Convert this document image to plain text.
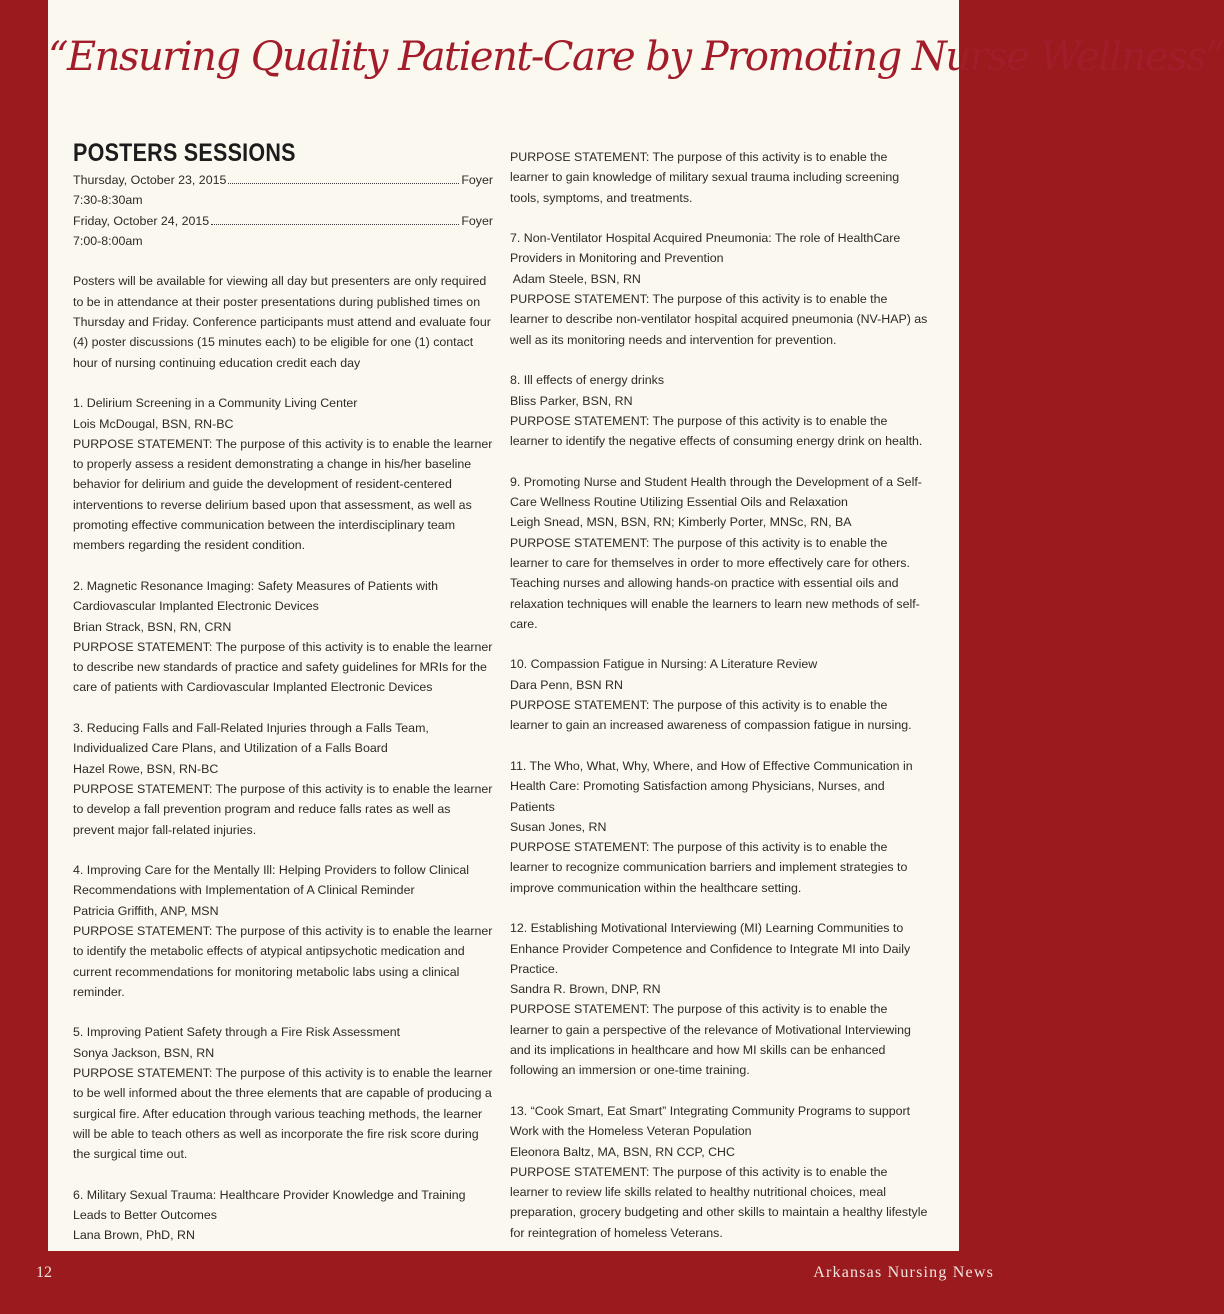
“Ensuring Quality Patient-Care by Promoting Nurse Wellness”
POSTERS SESSIONS
Thursday, October 23, 2015	Foyer
7:30-8:30am
Friday, October 24, 2015	Foyer
7:00-8:00am

Posters will be available for viewing all day but presenters are only required to be in attendance at their poster presentations during published times on Thursday and Friday. Conference participants must attend and evaluate four (4) poster discussions (15 minutes each) to be eligible for one (1) contact hour of nursing continuing education credit each day

1. Delirium Screening in a Community Living Center

Lois McDougal, BSN, RN-BC

PURPOSE STATEMENT: The purpose of this activity is to enable the learner to properly assess a resident demonstrating a change in his/her baseline behavior for delirium and guide the development of resident-centered interventions to reverse delirium based upon that assessment, as well as promoting effective communication between the interdisciplinary team members regarding the resident condition.

2. Magnetic Resonance Imaging: Safety Measures of Patients with Cardiovascular Implanted Electronic Devices

Brian Strack, BSN, RN, CRN

PURPOSE STATEMENT: The purpose of this activity is to enable the learner to describe new standards of practice and safety guidelines for MRIs for the care of patients with Cardiovascular Implanted Electronic Devices

3. Reducing Falls and Fall-Related Injuries through a Falls Team, Individualized Care Plans, and Utilization of a Falls Board

Hazel Rowe, BSN, RN-BC

PURPOSE STATEMENT: The purpose of this activity is to enable the learner to develop a fall prevention program and reduce falls rates as well as prevent major fall-related injuries.

4. Improving Care for the Mentally Ill: Helping Providers to follow Clinical Recommendations with Implementation of A Clinical Reminder

Patricia Griffith, ANP, MSN

PURPOSE STATEMENT: The purpose of this activity is to enable the learner to identify the metabolic effects of atypical antipsychotic medication and current recommendations for monitoring metabolic labs using a clinical reminder.

5. Improving Patient Safety through a Fire Risk Assessment

Sonya Jackson, BSN, RN

PURPOSE STATEMENT: The purpose of this activity is to enable the learner to be well informed about the three elements that are capable of producing a surgical fire. After education through various teaching methods, the learner will be able to teach others as well as incorporate the fire risk score during the surgical time out.

6. Military Sexual Trauma: Healthcare Provider Knowledge and Training Leads to Better Outcomes

Lana Brown, PhD, RN

PURPOSE STATEMENT: The purpose of this activity is to enable the learner to gain knowledge of military sexual trauma including screening tools, symptoms, and treatments.

7. Non-Ventilator Hospital Acquired Pneumonia: The role of HealthCare Providers in Monitoring and Prevention

Adam Steele, BSN, RN

PURPOSE STATEMENT: The purpose of this activity is to enable the learner to describe non-ventilator hospital acquired pneumonia (NV-HAP) as well as its monitoring needs and intervention for prevention.

8. Ill effects of energy drinks

Bliss Parker, BSN, RN

PURPOSE STATEMENT: The purpose of this activity is to enable the learner to identify the negative effects of consuming energy drink on health.

9. Promoting Nurse and Student Health through the Development of a Self-Care Wellness Routine Utilizing Essential Oils and Relaxation

Leigh Snead, MSN, BSN, RN; Kimberly Porter, MNSc, RN, BA

PURPOSE STATEMENT: The purpose of this activity is to enable the learner to care for themselves in order to more effectively care for others. Teaching nurses and allowing hands-on practice with essential oils and relaxation techniques will enable the learners to learn new methods of self-care.

10. Compassion Fatigue in Nursing: A Literature Review

Dara Penn, BSN RN

PURPOSE STATEMENT: The purpose of this activity is to enable the learner to gain an increased awareness of compassion fatigue in nursing.

11. The Who, What, Why, Where, and How of Effective Communication in Health Care: Promoting Satisfaction among Physicians, Nurses, and Patients

Susan Jones, RN

PURPOSE STATEMENT: The purpose of this activity is to enable the learner to recognize communication barriers and implement strategies to improve communication within the healthcare setting.

12. Establishing Motivational Interviewing (MI) Learning Communities to Enhance Provider Competence and Confidence to Integrate MI into Daily Practice.

Sandra R. Brown, DNP, RN

PURPOSE STATEMENT: The purpose of this activity is to enable the learner to gain a perspective of the relevance of Motivational Interviewing and its implications in healthcare and how MI skills can be enhanced following an immersion or one-time training.

13. “Cook Smart, Eat Smart” Integrating Community Programs to support Work with the Homeless Veteran Population

Eleonora Baltz, MA, BSN, RN CCP, CHC

PURPOSE STATEMENT: The purpose of this activity is to enable the learner to review life skills related to healthy nutritional choices, meal preparation, grocery budgeting and other skills to maintain a healthy lifestyle for reintegration of homeless Veterans.

12	Arkansas Nursing News
